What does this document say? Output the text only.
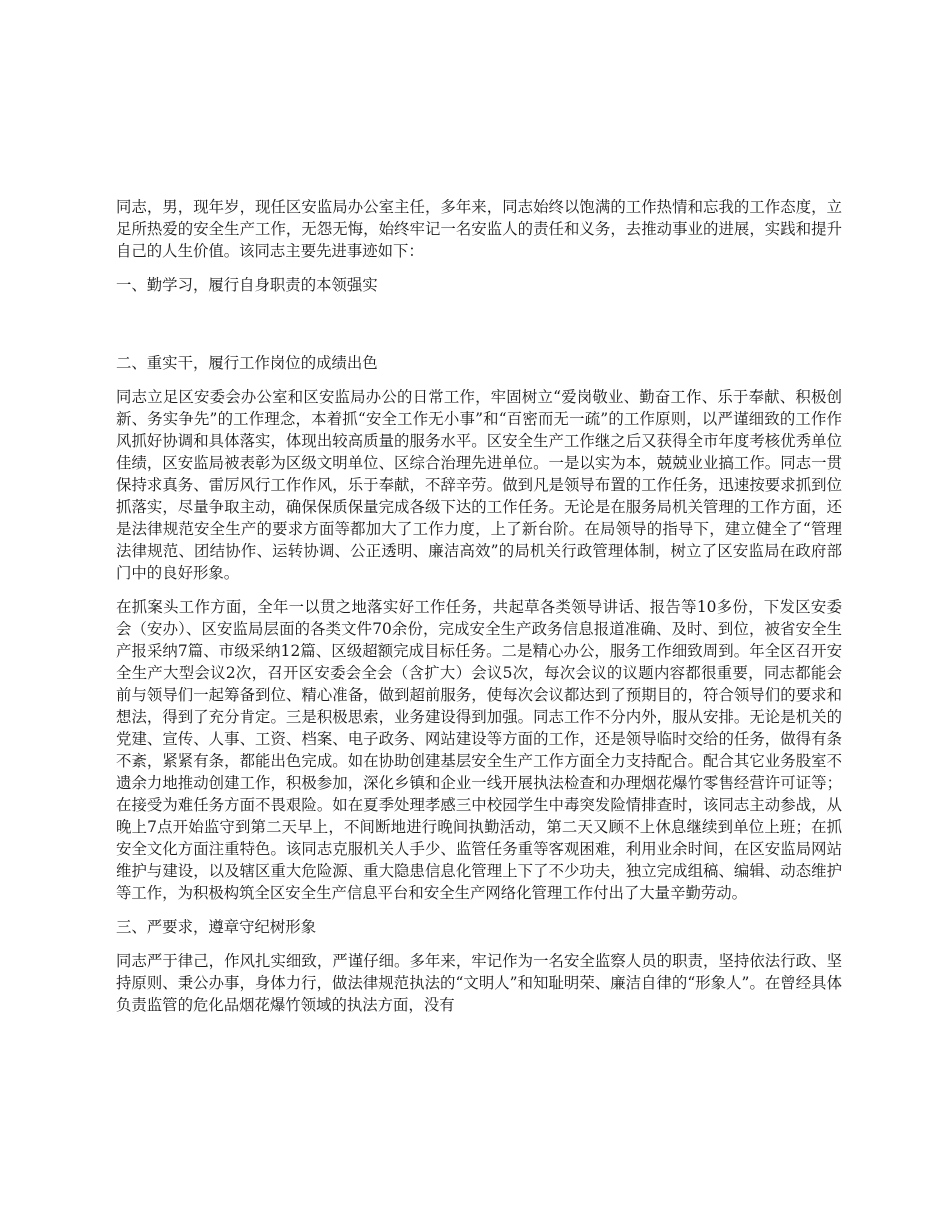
同志，男，现年岁，现任区安监局办公室主任，多年来，同志始终以饱满的工作热情和忘我的工作态度，立足所热爱的安全生产工作，无怨无悔，始终牢记一名安监人的责任和义务，去推动事业的进展，实践和提升自己的人生价值。该同志主要先进事迹如下：

一、勤学习，履行自身职责的本领强实

二、重实干，履行工作岗位的成绩出色

同志立足区安委会办公室和区安监局办公的日常工作，牢固树立“爱岗敬业、勤奋工作、乐于奉献、积极创新、务实争先”的工作理念，本着抓“安全工作无小事”和“百密而无一疏”的工作原则，以严谨细致的工作作风抓好协调和具体落实，体现出较高质量的服务水平。区安全生产工作继之后又获得全市年度考核优秀单位佳绩，区安监局被表彰为区级文明单位、区综合治理先进单位。一是以实为本，兢兢业业搞工作。同志一贯保持求真务、雷厉风行工作作风，乐于奉献，不辞辛劳。做到凡是领导布置的工作任务，迅速按要求抓到位抓落实，尽量争取主动，确保保质保量完成各级下达的工作任务。无论是在服务局机关管理的工作方面，还是法律规范安全生产的要求方面等都加大了工作力度，上了新台阶。在局领导的指导下，建立健全了“管理法律规范、团结协作、运转协调、公正透明、廉洁高效”的局机关行政管理体制，树立了区安监局在政府部门中的良好形象。

在抓案头工作方面，全年一以贯之地落实好工作任务，共起草各类领导讲话、报告等10多份，下发区安委会（安办）、区安监局层面的各类文件70余份，完成安全生产政务信息报道准确、及时、到位，被省安全生产报采纳7篇、市级采纳12篇、区级超额完成目标任务。二是精心办公，服务工作细致周到。年全区召开安全生产大型会议2次，召开区安委会全会（含扩大）会议5次，每次会议的议题内容都很重要，同志都能会前与领导们一起筹备到位、精心准备，做到超前服务，使每次会议都达到了预期目的，符合领导们的要求和想法，得到了充分肯定。三是积极思索，业务建设得到加强。同志工作不分内外，服从安排。无论是机关的党建、宣传、人事、工资、档案、电子政务、网站建设等方面的工作，还是领导临时交给的任务，做得有条不紊，紧紧有条，都能出色完成。如在协助创建基层安全生产工作方面全力支持配合。配合其它业务股室不遗余力地推动创建工作，积极参加，深化乡镇和企业一线开展执法检查和办理烟花爆竹零售经营许可证等；在接受为难任务方面不畏艰险。如在夏季处理孝感三中校园学生中毒突发险情排查时，该同志主动参战，从晚上7点开始监守到第二天早上，不间断地进行晚间执勤活动，第二天又顾不上休息继续到单位上班；在抓安全文化方面注重特色。该同志克服机关人手少、监管任务重等客观困难，利用业余时间，在区安监局网站维护与建设，以及辖区重大危险源、重大隐患信息化管理上下了不少功夫，独立完成组稿、编辑、动态维护等工作，为积极构筑全区安全生产信息平台和安全生产网络化管理工作付出了大量辛勤劳动。

三、严要求，遵章守纪树形象

同志严于律己，作风扎实细致，严谨仔细。多年来，牢记作为一名安全监察人员的职责，坚持依法行政、坚持原则、秉公办事，身体力行，做法律规范执法的“文明人”和知耻明荣、廉洁自律的“形象人”。在曾经具体负责监管的危化品烟花爆竹领域的执法方面，没有
